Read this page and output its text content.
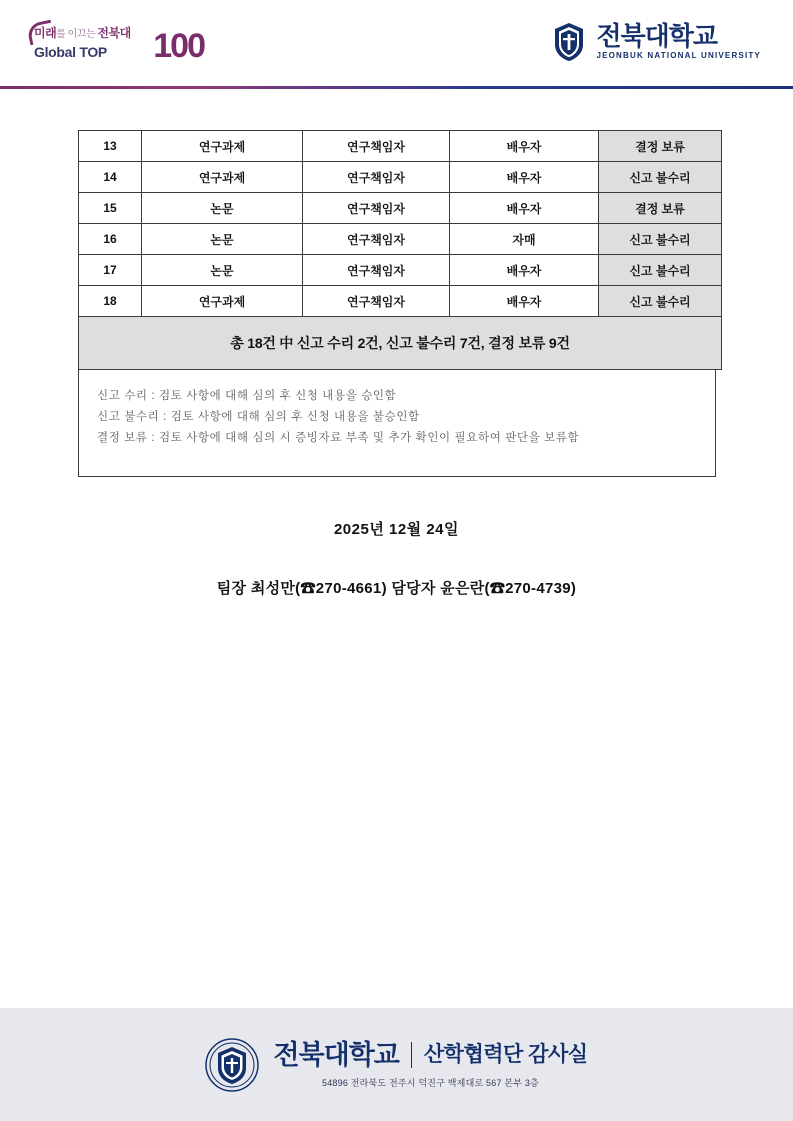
미래를 이끄는 전북대
Global TOP	100	전북대학교
JEONBUK NATIONAL UNIVERSITY
13	연구과제	연구책임자	배우자	결정 보류
14	연구과제	연구책임자	배우자	신고 불수리
15	논문	연구책임자	배우자	결정 보류
16	논문	연구책임자	자매	신고 불수리
17	논문	연구책임자	배우자	신고 불수리
18	연구과제	연구책임자	배우자	신고 불수리
총 18건 中 신고 수리 2건, 신고 불수리 7건, 결정 보류 9건				
신고 수리 : 검토 사항에 대해 심의 후 신청 내용을 승인함
신고 불수리 : 검토 사항에 대해 심의 후 신청 내용을 불승인함
결정 보류 : 검토 사항에 대해 심의 시 증빙자료 부족 및 추가 확인이 필요하여 판단을 보류함
2025년 12월 24일
팀장 최성만(☎270-4661) 담당자 윤은란(☎270-4739)
전북대학교 산학협력단 감사실
54896 전라북도 전주시 덕진구 백제대로 567 본부 3층
